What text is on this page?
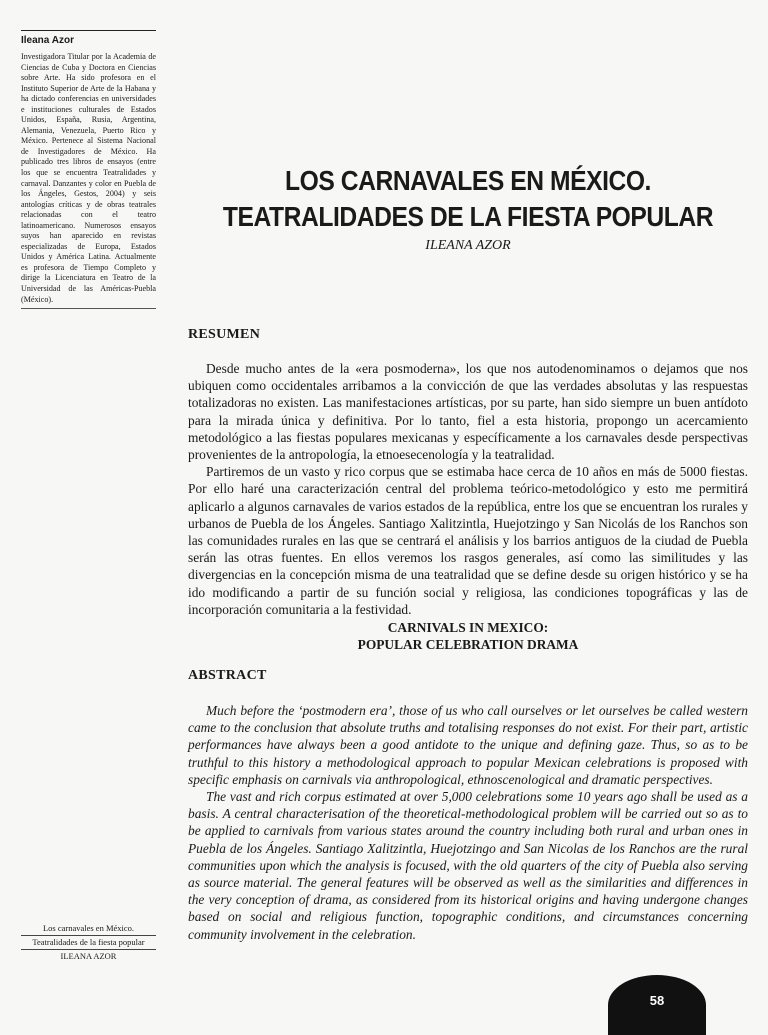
Ileana Azor

Investigadora Titular por la Academia de Ciencias de Cuba y Doctora en Ciencias sobre Arte. Ha sido profesora en el Instituto Superior de Arte de la Habana y ha dictado conferencias en universidades e instituciones culturales de Estados Unidos, España, Rusia, Argentina, Alemania, Venezuela, Puerto Rico y México. Pertenece al Sistema Nacional de Investigadores de México. Ha publicado tres libros de ensayos (entre los que se encuentra Teatralidades y carnaval. Danzantes y color en Puebla de los Ángeles, Gestos, 2004) y seis antologías críticas y de obras teatrales relacionadas con el teatro latinoamericano. Numerosos ensayos suyos han aparecido en revistas especializadas de Europa, Estados Unidos y América Latina. Actualmente es profesora de Tiempo Completo y dirige la Licenciatura en Teatro de la Universidad de las Américas-Puebla (México).

Los carnavales en México.
Teatralidades de la fiesta popular
ILEANA AZOR
LOS CARNAVALES EN MÉXICO.
TEATRALIDADES DE LA FIESTA POPULAR
ILEANA AZOR
RESUMEN

Desde mucho antes de la «era posmoderna», los que nos autodenominamos o dejamos que nos ubiquen como occidentales arribamos a la convicción de que las verdades absolutas y las respuestas totalizadoras no existen. Las manifestaciones artísticas, por su parte, han sido siempre un buen antídoto para la mirada única y definitiva. Por lo tanto, fiel a esta historia, propongo un acercamiento metodológico a las fiestas populares mexicanas y específicamente a los carnavales desde perspectivas provenientes de la antropología, la etnoesecenología y la teatralidad.

Partiremos de un vasto y rico corpus que se estimaba hace cerca de 10 años en más de 5000 fiestas. Por ello haré una caracterización central del problema teórico-metodológico y esto me permitirá aplicarlo a algunos carnavales de varios estados de la república, entre los que se encuentran los rurales y urbanos de Puebla de los Ángeles. Santiago Xalitzintla, Huejotzingo y San Nicolás de los Ranchos son las comunidades rurales en las que se centrará el análisis y los barrios antiguos de la ciudad de Puebla serán las otras fuentes. En ellos veremos los rasgos generales, así como las similitudes y las divergencias en la concepción misma de una teatralidad que se define desde su origen histórico y se ha ido modificando a partir de su función social y religiosa, las condiciones topográficas y las de incorporación comunitaria a la festividad.

CARNIVALS IN MEXICO:
POPULAR CELEBRATION DRAMA
ABSTRACT

Much before the ‘postmodern era’, those of us who call ourselves or let ourselves be called western came to the conclusion that absolute truths and totalising responses do not exist. For their part, artistic performances have always been a good antidote to the unique and defining gaze. Thus, so as to be truthful to this history a methodological approach to popular Mexican celebrations is proposed with specific emphasis on carnivals via anthropological, ethnoscenological and dramatic perspectives.

The vast and rich corpus estimated at over 5,000 celebrations some 10 years ago shall be used as a basis. A central characterisation of the theoretical-methodological problem will be carried out so as to be applied to carnivals from various states around the country including both rural and urban ones in Puebla de los Ángeles. Santiago Xalitzintla, Huejotzingo and San Nicolas de los Ranchos are the rural communities upon which the analysis is focused, with the old quarters of the city of Puebla also serving as source material. The general features will be observed as well as the similarities and differences in the very conception of drama, as considered from its historical origins and having undergone changes based on social and religious function, topographic conditions, and circumstances concerning community involvement in the celebration.

58
